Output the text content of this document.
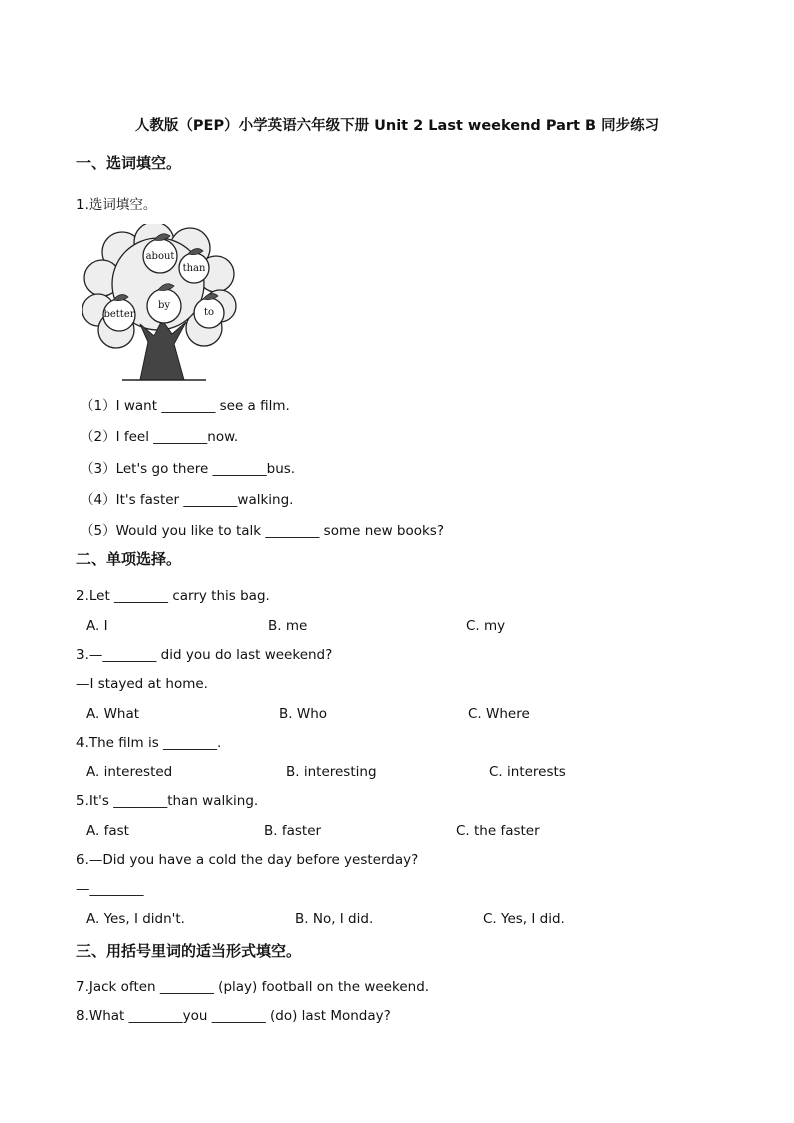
人教版（PEP）小学英语六年级下册 Unit 2 Last weekend Part B 同步练习
一、选词填空。
1.选词填空。
about
than
by
better	to
（1）I want ________ see a film.
（2）I feel ________now.
（3）Let's go there ________bus.
（4）It's faster ________walking.
（5）Would you like to talk ________ some new books?
二、单项选择。
2.Let ________ carry this bag.
A. I	B. me	C. my
3.—________ did you do last weekend?
—I stayed at home.
A. What	B. Who	C. Where
4.The film is ________.
A. interested	B. interesting	C. interests
5.It's ________than walking.
A. fast	B. faster	C. the faster
6.—Did you have a cold the day before yesterday?
—________
A. Yes, I didn't.	B. No, I did.	C. Yes, I did.
三、用括号里词的适当形式填空。
7.Jack often ________ (play) football on the weekend.
8.What ________you ________ (do) last Monday?
